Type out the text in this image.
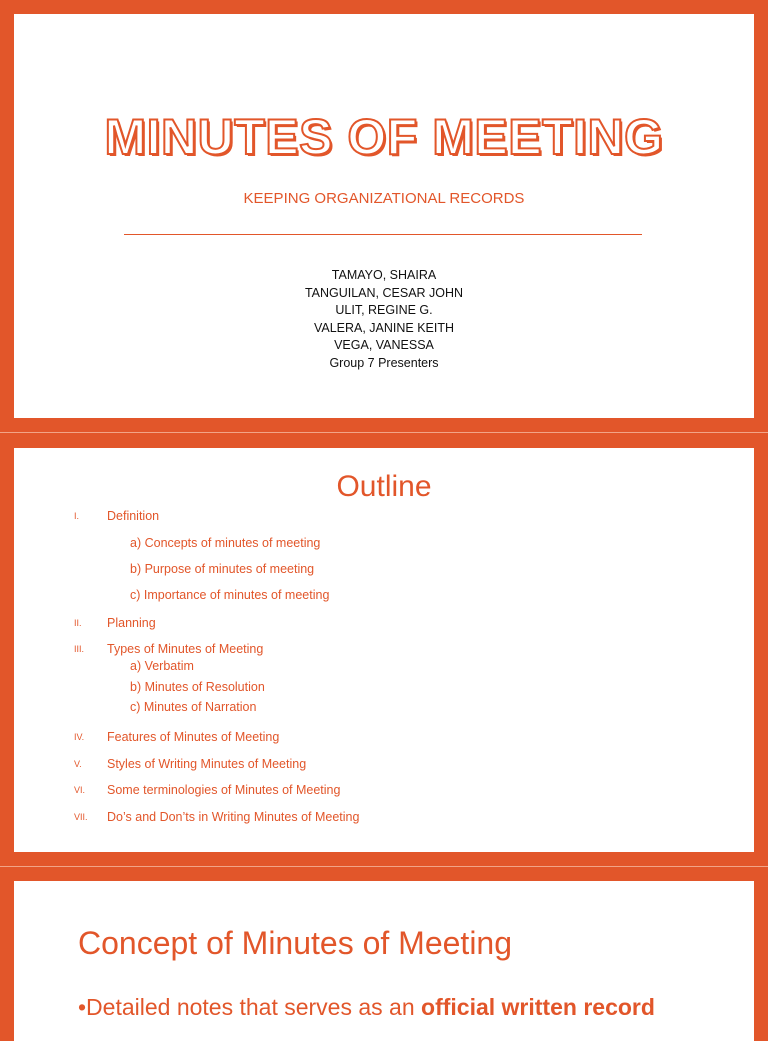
MINUTES OF MEETING
KEEPING ORGANIZATIONAL RECORDS
TAMAYO, SHAIRA
TANGUILAN, CESAR JOHN
ULIT, REGINE G.
VALERA, JANINE KEITH
VEGA, VANESSA
Group 7 Presenters
Outline
I. Definition
a) Concepts of minutes of meeting
b) Purpose of minutes of meeting
c) Importance of minutes of meeting
II. Planning
III. Types of Minutes of Meeting
a) Verbatim
b) Minutes of Resolution
c) Minutes of Narration
IV. Features of Minutes of Meeting
V. Styles of Writing Minutes of Meeting
VI. Some terminologies of Minutes of Meeting
VII. Do’s and Don’ts in Writing Minutes of Meeting
Concept of Minutes of Meeting
•Detailed notes that serves as an official written record
